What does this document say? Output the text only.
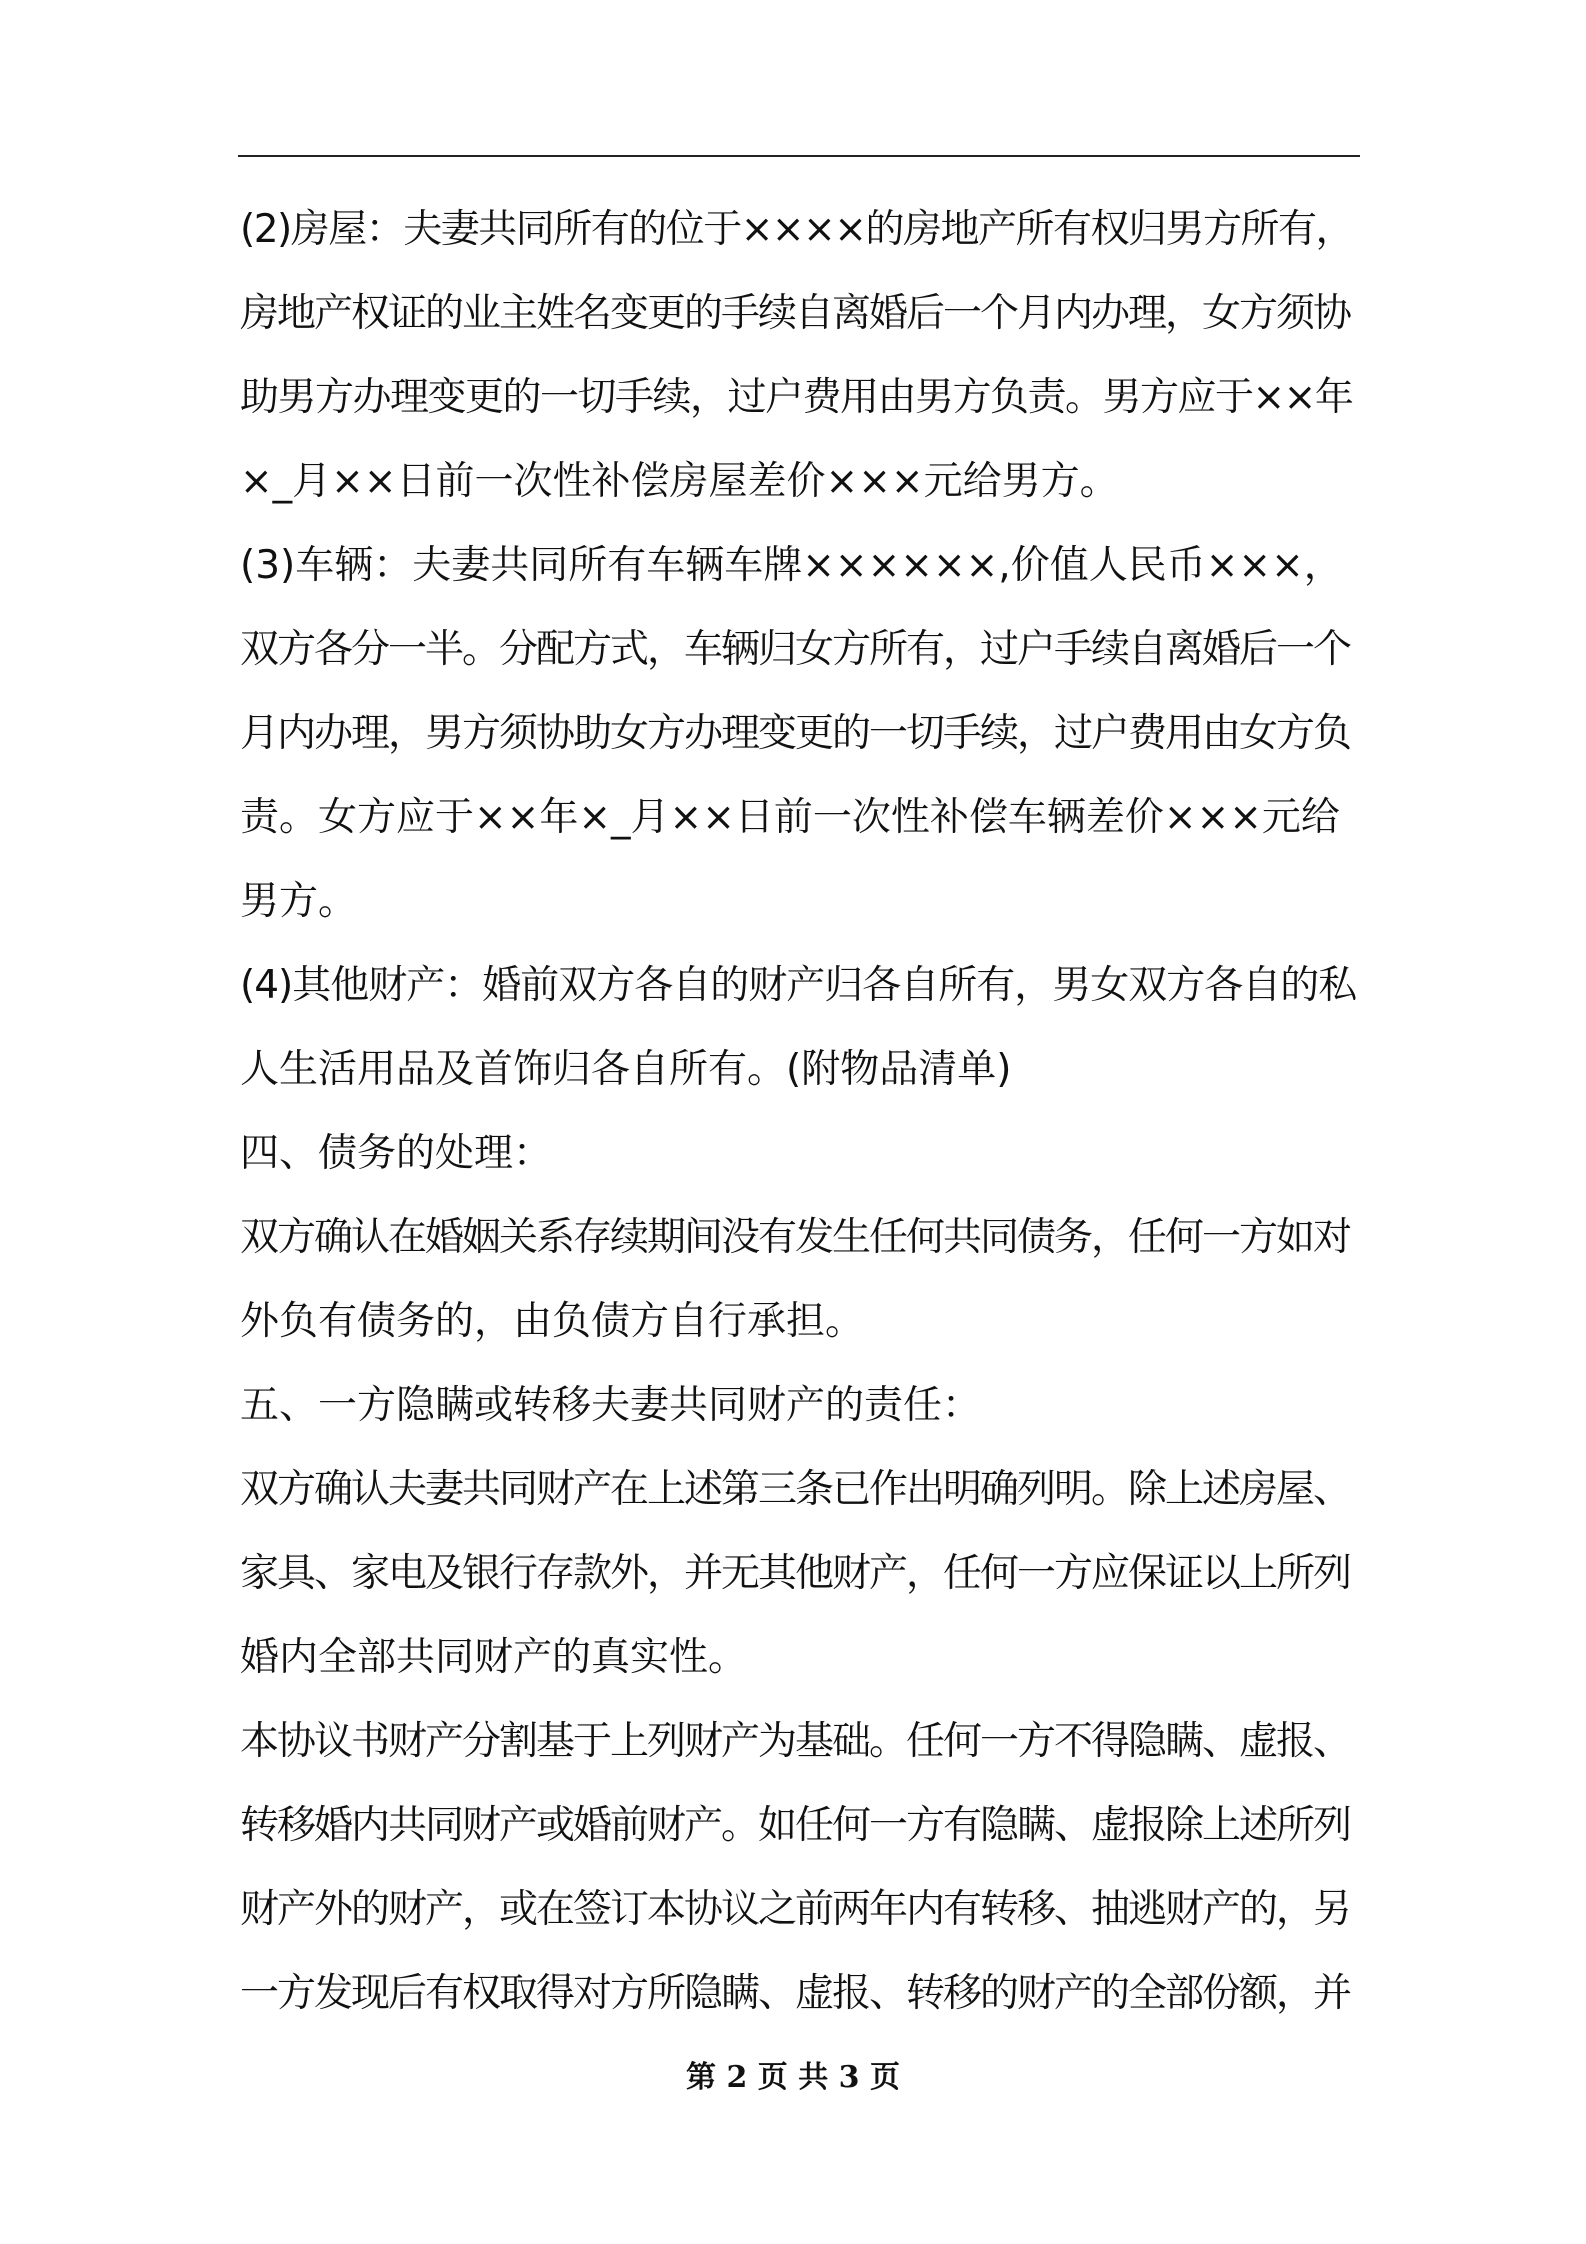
(2)房屋：夫妻共同所有的位于××××的房地产所有权归男方所有，
房地产权证的业主姓名变更的手续自离婚后一个月内办理，女方须协
助男方办理变更的一切手续，过户费用由男方负责。男方应于××年
×_月××日前一次性补偿房屋差价×××元给男方。
(3)车辆：夫妻共同所有车辆车牌××××××,价值人民币×××，
双方各分一半。分配方式，车辆归女方所有，过户手续自离婚后一个
月内办理，男方须协助女方办理变更的一切手续，过户费用由女方负
责。女方应于××年×_月××日前一次性补偿车辆差价×××元给
男方。
(4)其他财产：婚前双方各自的财产归各自所有，男女双方各自的私
人生活用品及首饰归各自所有。(附物品清单)
四、债务的处理：
双方确认在婚姻关系存续期间没有发生任何共同债务，任何一方如对
外负有债务的，由负债方自行承担。
五、一方隐瞒或转移夫妻共同财产的责任：
双方确认夫妻共同财产在上述第三条已作出明确列明。除上述房屋、
家具、家电及银行存款外，并无其他财产，任何一方应保证以上所列
婚内全部共同财产的真实性。
本协议书财产分割基于上列财产为基础。任何一方不得隐瞒、虚报、
转移婚内共同财产或婚前财产。如任何一方有隐瞒、虚报除上述所列
财产外的财产，或在签订本协议之前两年内有转移、抽逃财产的，另
一方发现后有权取得对方所隐瞒、虚报、转移的财产的全部份额，并
第 2 页 共 3 页
